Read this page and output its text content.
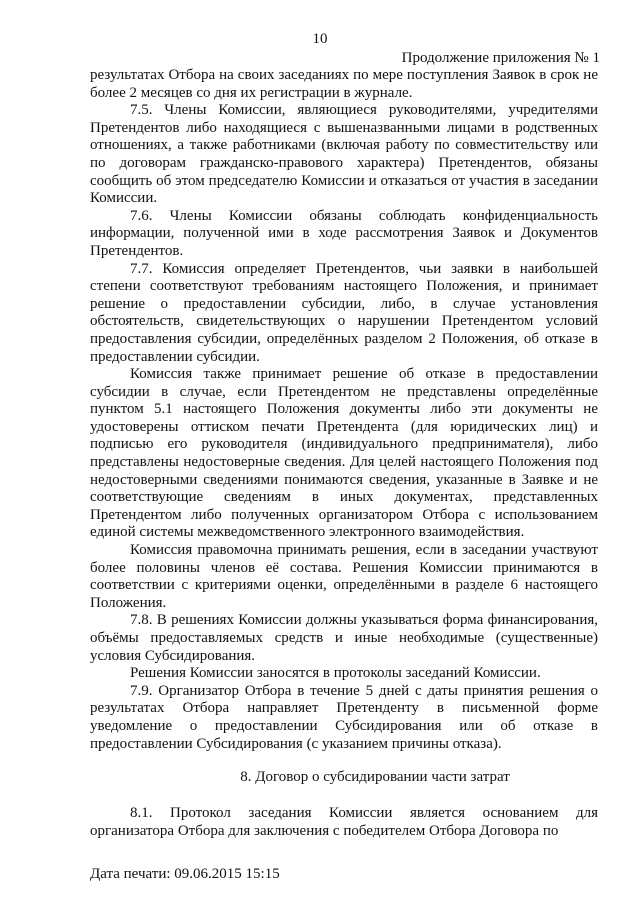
10
Продолжение приложения № 1

результатах Отбора на своих заседаниях по мере поступления Заявок в срок не более 2 месяцев со дня их регистрации в журнале.

7.5. Члены Комиссии, являющиеся руководителями, учредителями Претендентов либо находящиеся с вышеназванными лицами в родственных отношениях, а также работниками (включая работу по совместительству или по договорам гражданско-правового характера) Претендентов, обязаны сообщить об этом председателю Комиссии и отказаться от участия в заседании Комиссии.

7.6. Члены Комиссии обязаны соблюдать конфиденциальность информации, полученной ими в ходе рассмотрения Заявок и Документов Претендентов.

7.7. Комиссия определяет Претендентов, чьи заявки в наибольшей степени соответствуют требованиям настоящего Положения, и принимает решение о предоставлении субсидии, либо, в случае установления обстоятельств, свидетельствующих о нарушении Претендентом условий предоставления субсидии, определённых разделом 2 Положения, об отказе в предоставлении субсидии.

Комиссия также принимает решение об отказе в предоставлении субсидии в случае, если Претендентом не представлены определённые пунктом 5.1 настоящего Положения документы либо эти документы не удостоверены оттиском печати Претендента (для юридических лиц) и подписью его руководителя (индивидуального предпринимателя), либо представлены недостоверные сведения. Для целей настоящего Положения под недостоверными сведениями понимаются сведения, указанные в Заявке и не соответствующие сведениям в иных документах, представленных Претендентом либо полученных организатором Отбора с использованием единой системы межведомственного электронного взаимодействия.

Комиссия правомочна принимать решения, если в заседании участвуют более половины членов её состава. Решения Комиссии принимаются в соответствии с критериями оценки, определёнными в разделе 6 настоящего Положения.

7.8. В решениях Комиссии должны указываться форма финансирования, объёмы предоставляемых средств и иные необходимые (существенные) условия Субсидирования.

Решения Комиссии заносятся в протоколы заседаний Комиссии.

7.9. Организатор Отбора в течение 5 дней с даты принятия решения о результатах Отбора направляет Претенденту в письменной форме уведомление о предоставлении Субсидирования или об отказе в предоставлении Субсидирования (с указанием причины отказа).

8. Договор о субсидировании части затрат

8.1. Протокол заседания Комиссии является основанием для организатора Отбора для заключения с победителем Отбора Договора по

Дата печати: 09.06.2015 15:15
